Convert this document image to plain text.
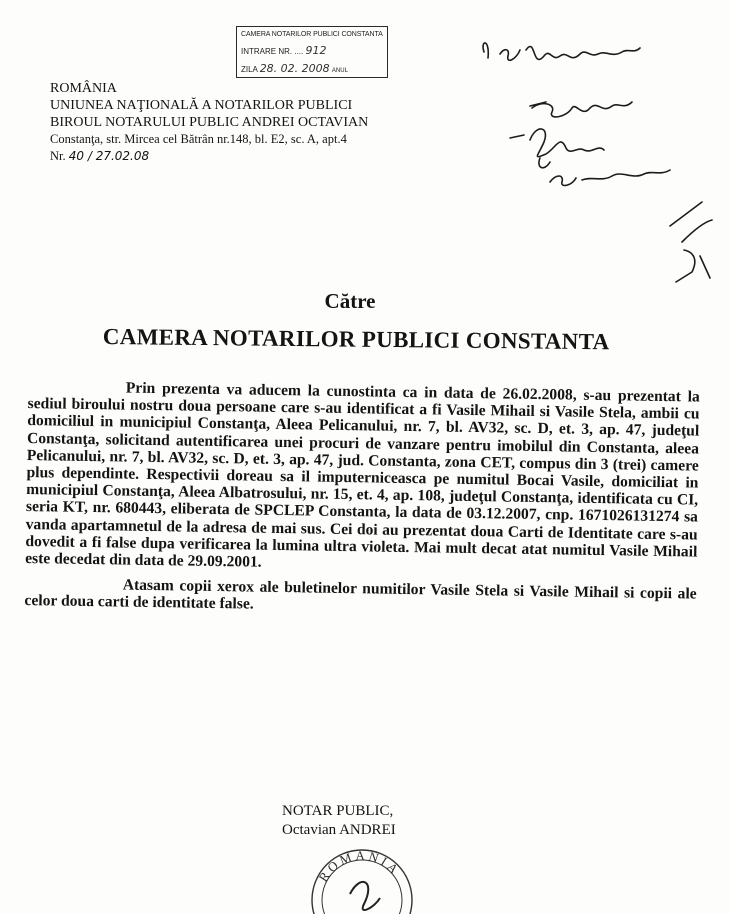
CAMERA NOTARILOR PUBLICI CONSTANTA
INTRARE NR. .... 912
ZILA 28. 02. 2008 ANUL
ROMÂNIA
UNIUNEA NAŢIONALĂ A NOTARILOR PUBLICI
BIROUL NOTARULUI PUBLIC ANDREI OCTAVIAN
Constanţa, str. Mircea cel Bătrân nr.148, bl. E2, sc. A, apt.4
Nr. 40 / 27.02.08
Către
CAMERA NOTARILOR PUBLICI CONSTANTA

Prin prezenta va aducem la cunostinta ca in data de 26.02.2008, s-au prezentat la sediul biroului nostru doua persoane care s-au identificat a fi Vasile Mihail si Vasile Stela, ambii cu domiciliul in municipiul Constanţa, Aleea Pelicanului, nr. 7, bl. AV32, sc. D, et. 3, ap. 47, judeţul Constanţa, solicitand autentificarea unei procuri de vanzare pentru imobilul din Constanta, aleea Pelicanului, nr. 7, bl. AV32, sc. D, et. 3, ap. 47, jud. Constanta, zona CET, compus din 3 (trei) camere plus dependinte. Respectivii doreau sa il imputerniceasca pe numitul Bocai Vasile, domiciliat in municipiul Constanţa, Aleea Albatrosului, nr. 15, et. 4, ap. 108, judeţul Constanţa, identificata cu CI, seria KT, nr. 680443, eliberata de SPCLEP Constanta, la data de 03.12.2007, cnp. 1671026131274 sa vanda apartamnetul de la adresa de mai sus. Cei doi au prezentat doua Carti de Identitate care s-au dovedit a fi false dupa verificarea la lumina ultra violeta. Mai mult decat atat numitul Vasile Mihail este decedat din data de 29.09.2001.

Atasam copii xerox ale buletinelor numitilor Vasile Stela si Vasile Mihail si copii ale celor doua carti de identitate false.

NOTAR PUBLIC,
Octavian ANDREI
ROMANIA
